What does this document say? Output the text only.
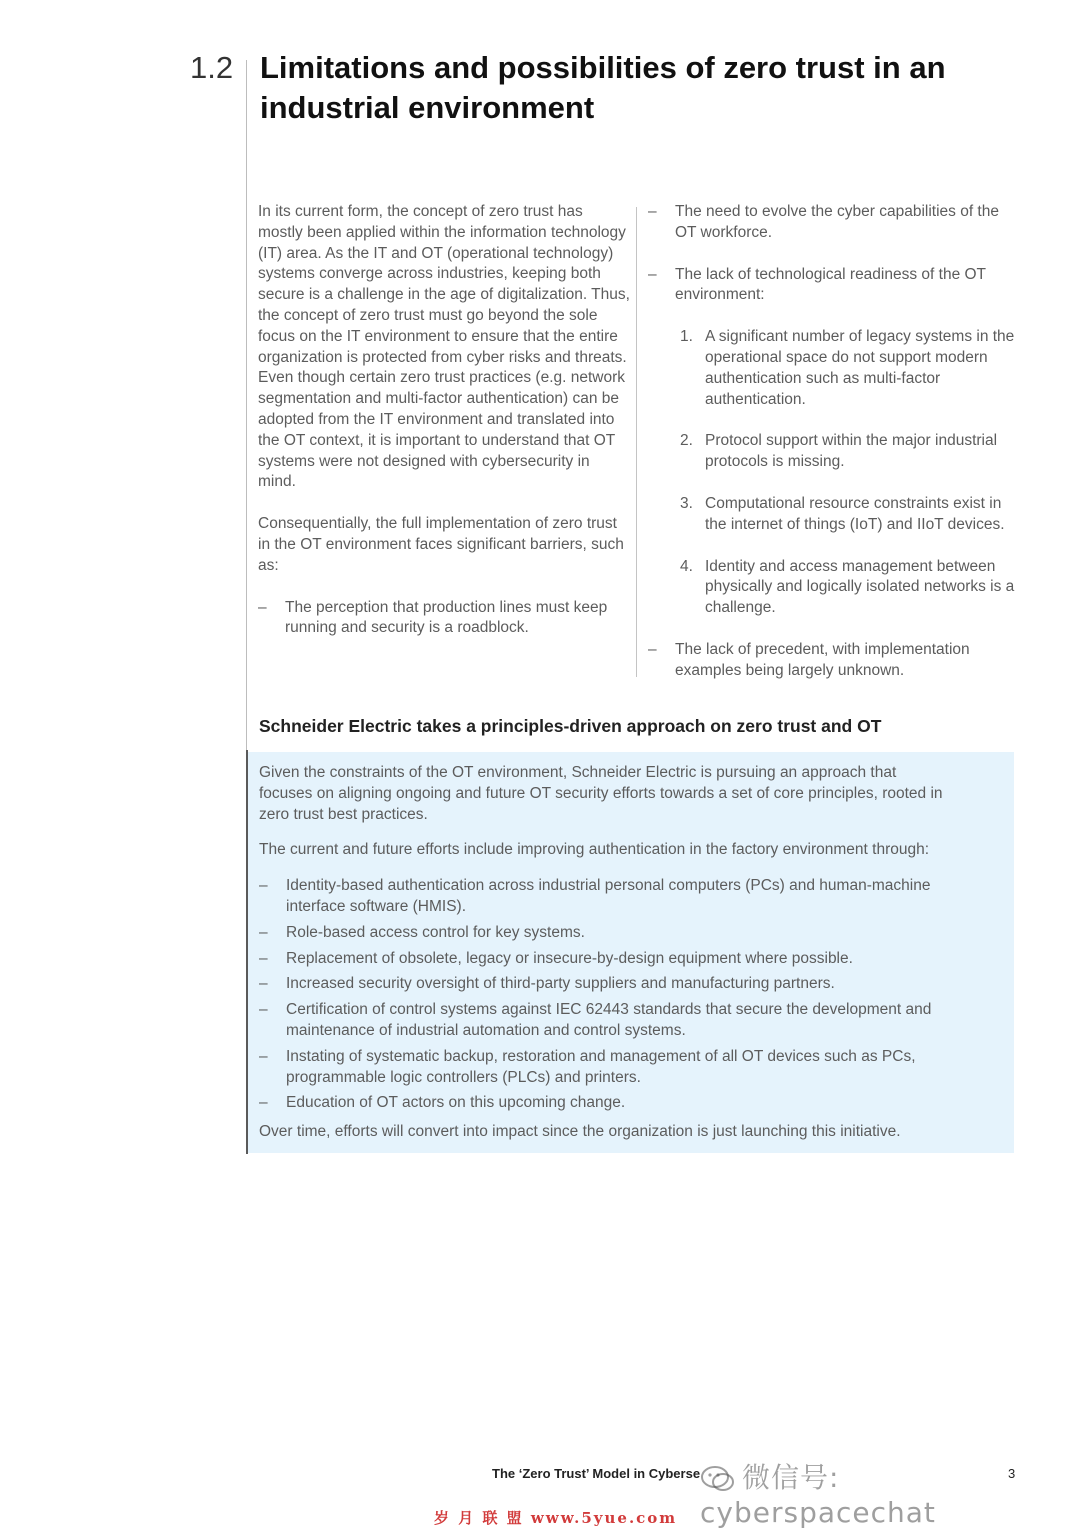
1.2 Limitations and possibilities of zero trust in an industrial environment

In its current form, the concept of zero trust has mostly been applied within the information technology (IT) area. As the IT and OT (operational technology) systems converge across industries, keeping both secure is a challenge in the age of digitalization. Thus, the concept of zero trust must go beyond the sole focus on the IT environment to ensure that the entire organization is protected from cyber risks and threats. Even though certain zero trust practices (e.g. network segmentation and multi-factor authentication) can be adopted from the IT environment and translated into the OT context, it is important to understand that OT systems were not designed with cybersecurity in mind.

Consequentially, the full implementation of zero trust in the OT environment faces significant barriers, such as:

– The perception that production lines must keep running and security is a roadblock.
– The need to evolve the cyber capabilities of the OT workforce.
– The lack of technological readiness of the OT environment:
1. A significant number of legacy systems in the operational space do not support modern authentication such as multi-factor authentication.
2. Protocol support within the major industrial protocols is missing.
3. Computational resource constraints exist in the internet of things (IoT) and IIoT devices.
4. Identity and access management between physically and logically isolated networks is a challenge.
– The lack of precedent, with implementation examples being largely unknown.
Schneider Electric takes a principles-driven approach on zero trust and OT

Given the constraints of the OT environment, Schneider Electric is pursuing an approach that focuses on aligning ongoing and future OT security efforts towards a set of core principles, rooted in zero trust best practices.

The current and future efforts include improving authentication in the factory environment through:

– Identity-based authentication across industrial personal computers (PCs) and human-machine interface software (HMIS).
– Role-based access control for key systems.
– Replacement of obsolete, legacy or insecure-by-design equipment where possible.
– Increased security oversight of third-party suppliers and manufacturing partners.
– Certification of control systems against IEC 62443 standards that secure the development and maintenance of industrial automation and control systems.
– Instating of systematic backup, restoration and management of all OT devices such as PCs, programmable logic controllers (PLCs) and printers.
– Education of OT actors on this upcoming change.

Over time, efforts will convert into impact since the organization is just launching this initiative.

The ‘Zero Trust’ Model in Cyberse	3
微信号: cyberspacechat
岁 月 联 盟 www.5yue.com
